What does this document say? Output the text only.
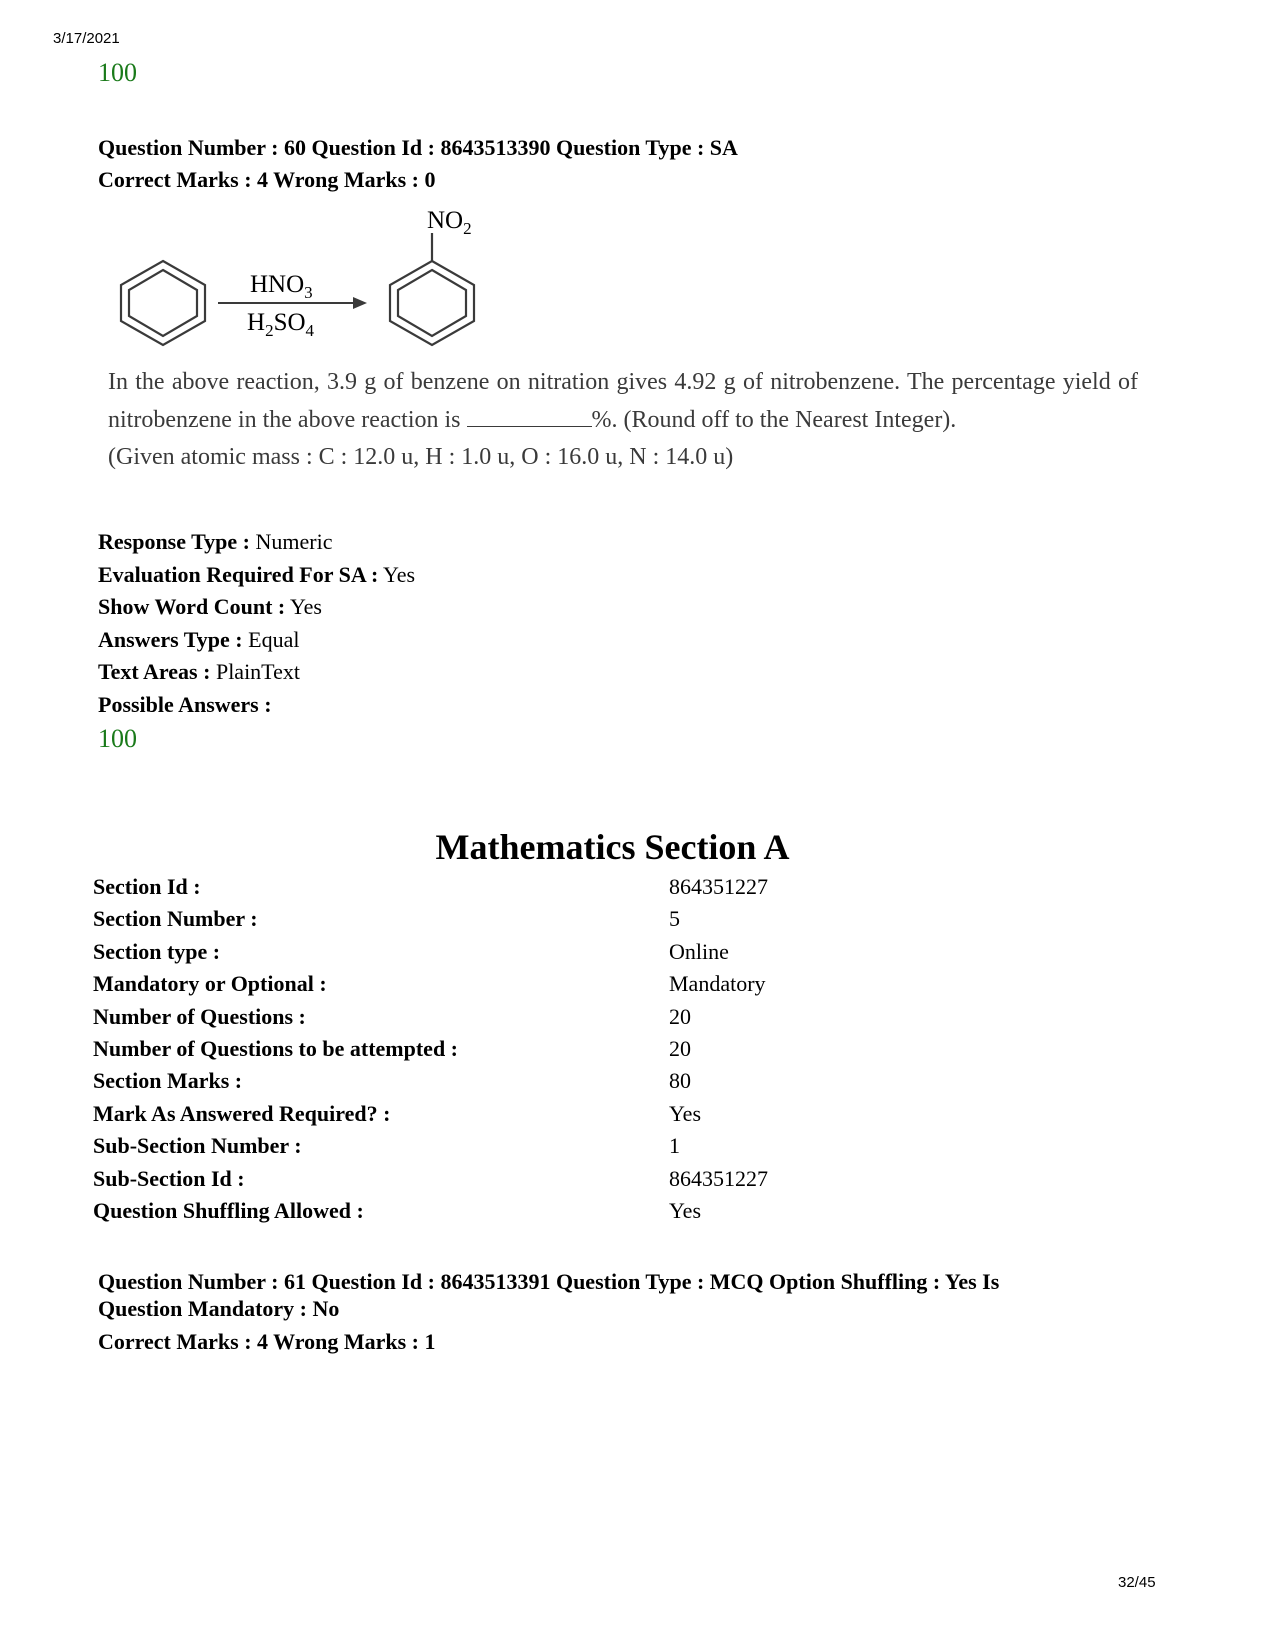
3/17/2021
100
Question Number : 60 Question Id : 8643513390 Question Type : SA
Correct Marks : 4 Wrong Marks : 0
$HNO_3$
$H_2SO_4$
$NO_2$
In the above reaction, 3.9 g of benzene on nitration gives 4.92 g of nitrobenzene. The percentage yield of nitrobenzene in the above reaction is	%. (Round off to the Nearest Integer).
(Given atomic mass : C : 12.0 u, H : 1.0 u, O : 16.0 u, N : 14.0 u)
Response Type : Numeric
Evaluation Required For SA : Yes
Show Word Count : Yes
Answers Type : Equal
Text Areas : PlainText
Possible Answers :
100
Mathematics Section A
Section Id :	864351227
Section Number :	5
Section type :	Online
Mandatory or Optional :	Mandatory
Number of Questions :	20
Number of Questions to be attempted :	20
Section Marks :	80
Mark As Answered Required? :	Yes
Sub-Section Number :	1
Sub-Section Id :	864351227
Question Shuffling Allowed :	Yes
Question Number : 61 Question Id : 8643513391 Question Type : MCQ Option Shuffling : Yes Is
Question Mandatory : No
Correct Marks : 4 Wrong Marks : 1
32/45
